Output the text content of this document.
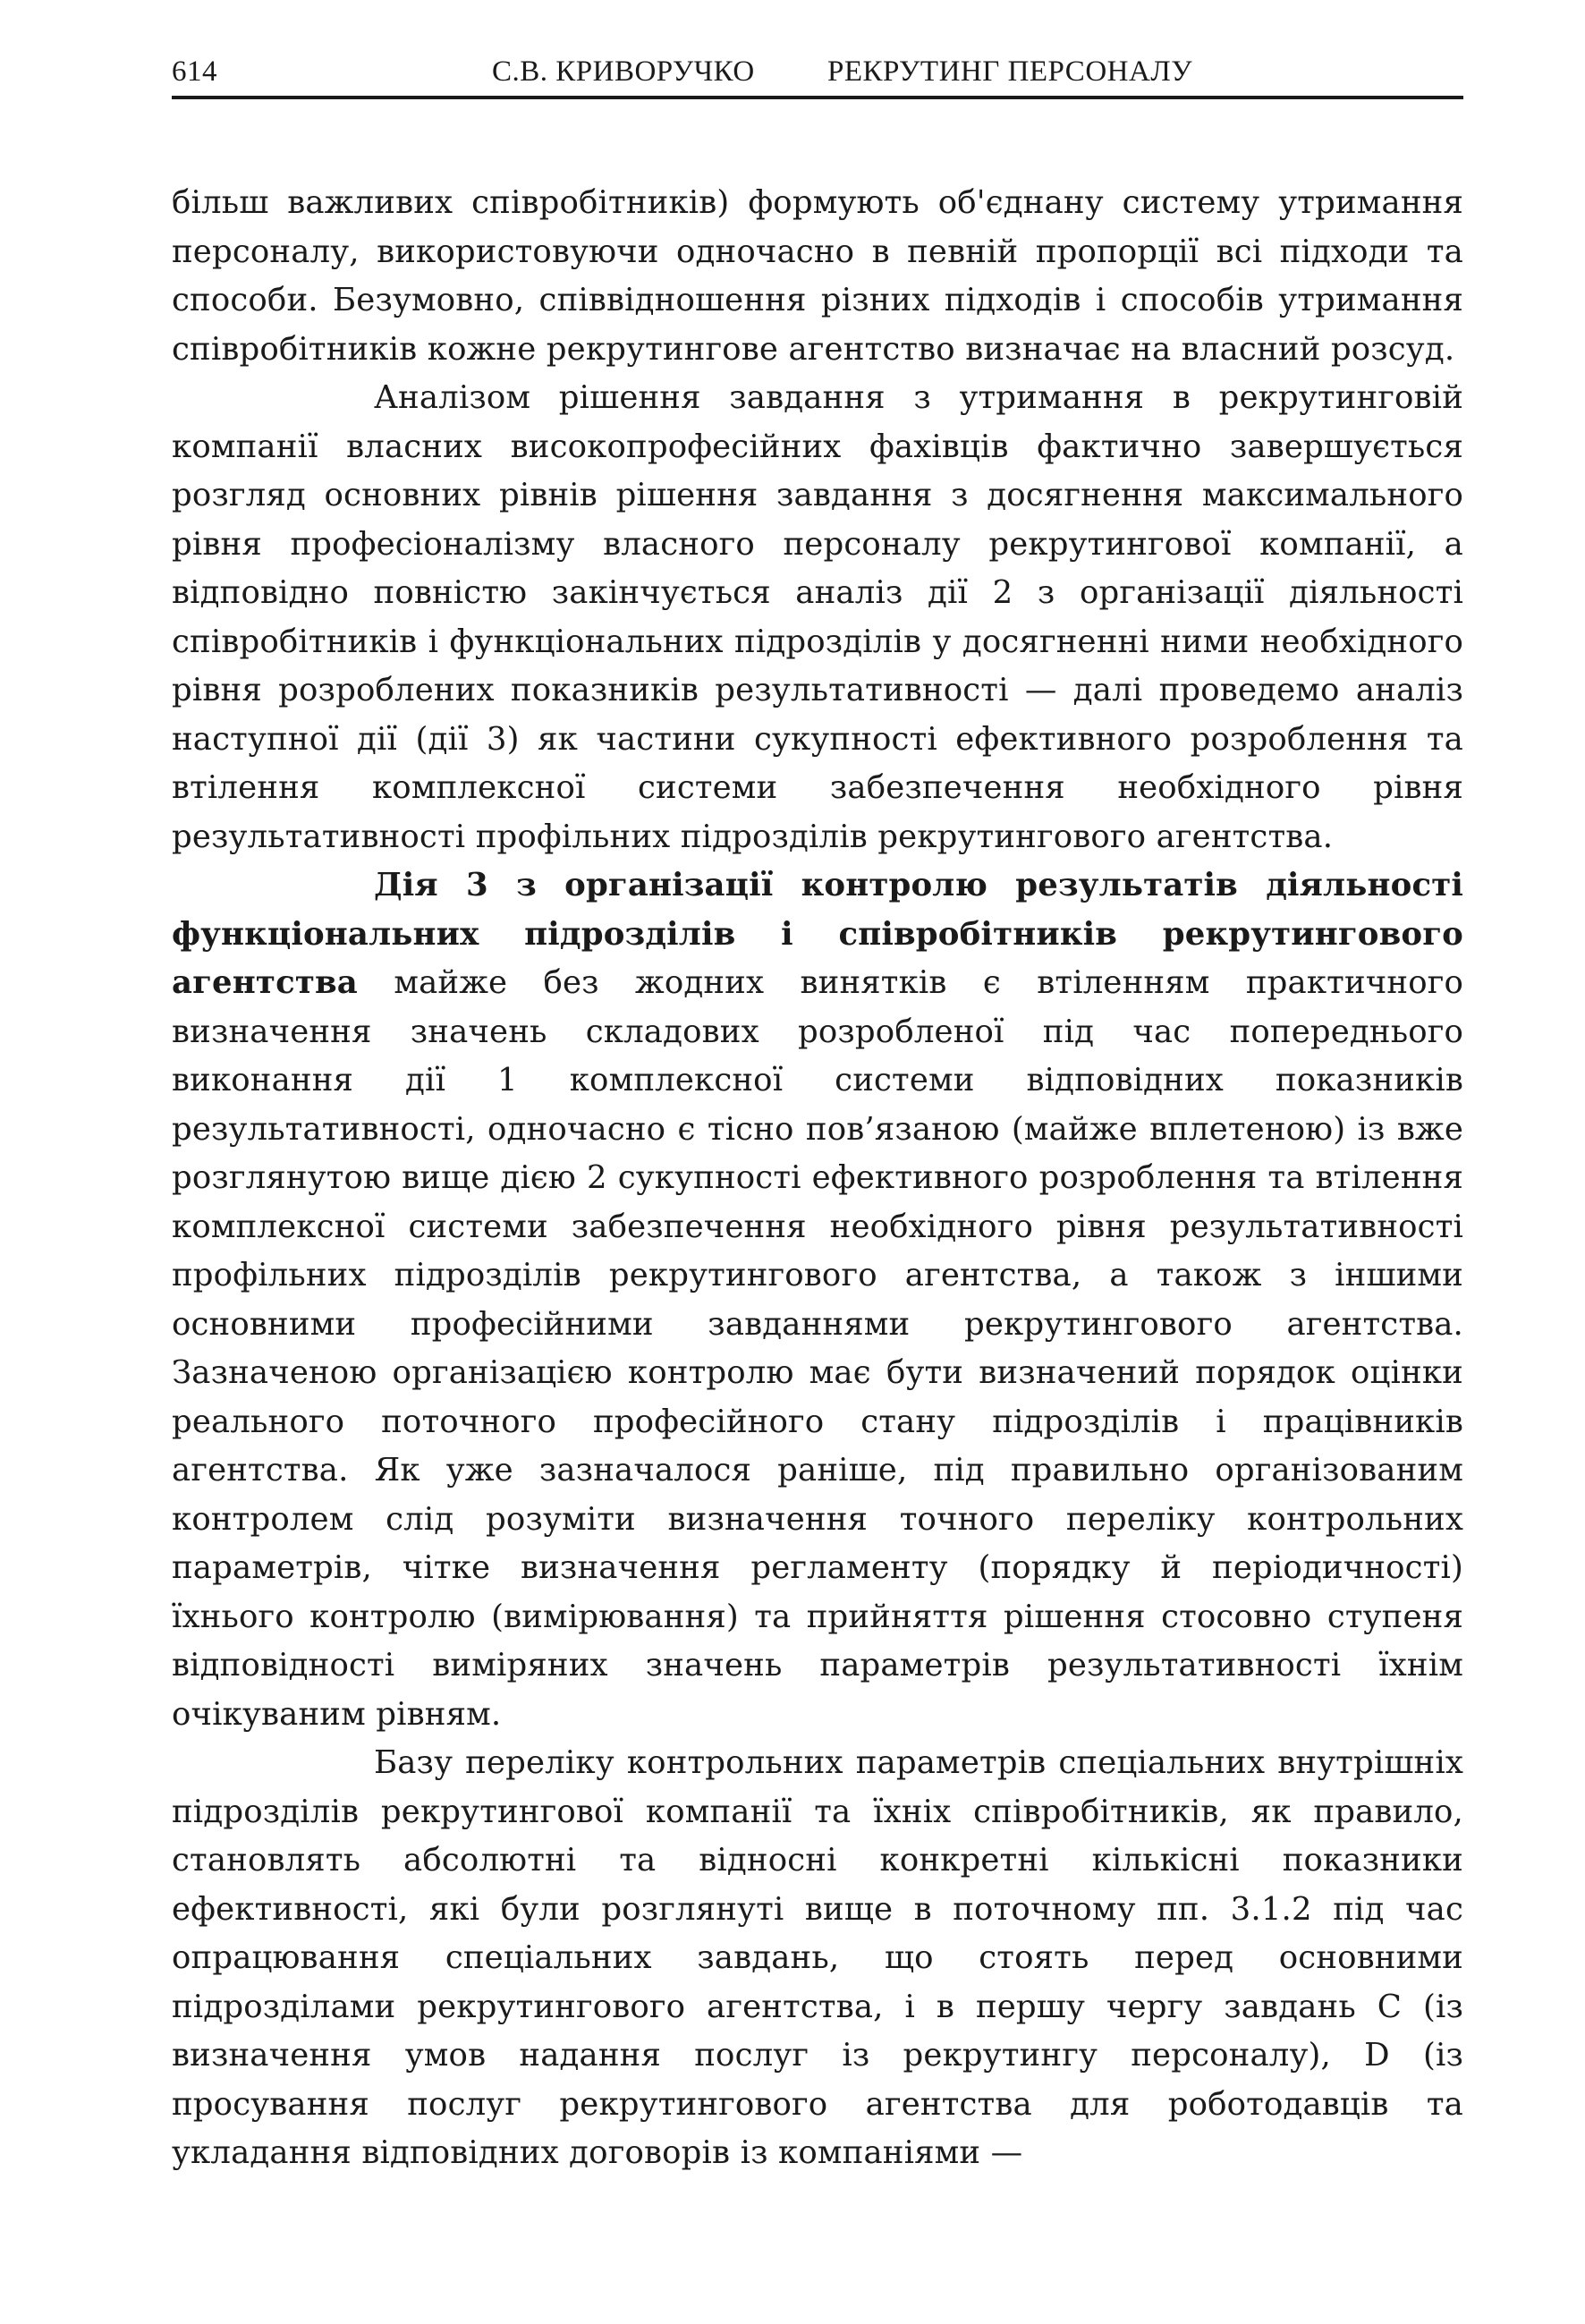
614	С.В. КРИВОРУЧКО РЕКРУТИНГ ПЕРСОНАЛУ

більш важливих співробітників) формують об'єднану систему утримання персоналу, використовуючи одночасно в певній пропорції всі підходи та способи. Безумовно, співвідношення різних підходів і способів утримання співробітників кожне рекрутингове агентство визначає на власний розсуд.

Аналізом рішення завдання з утримання в рекрутинговій компанії власних високопрофесійних фахівців фактично завершується розгляд основних рівнів рішення завдання з досягнення максимального рівня професіоналізму власного персоналу рекрутингової компанії, а відповідно повністю закінчується аналіз дії 2 з організації діяльності співробітників і функціональних підрозділів у досягненні ними необхідного рівня розроблених показників результативності — далі проведемо аналіз наступної дії (дії 3) як частини сукупності ефективного розроблення та втілення комплексної системи забезпечення необхідного рівня результативності профільних підрозділів рекрутингового агентства.

Дія 3 з організації контролю результатів діяльності функціональних підрозділів і співробітників рекрутингового агентства майже без жодних винятків є втіленням практичного визначення значень складових розробленої під час попереднього виконання дії 1 комплексної системи відповідних показників результативності, одночасно є тісно пов’язаною (майже вплетеною) із вже розглянутою вище дією 2 сукупності ефективного розроблення та втілення комплексної системи забезпечення необхідного рівня результативності профільних підрозділів рекрутингового агентства, а також з іншими основними професійними завданнями рекрутингового агентства. Зазначеною організацією контролю має бути визначений порядок оцінки реального поточного професійного стану підрозділів і працівників агентства. Як уже зазначалося раніше, під правильно організованим контролем слід розуміти визначення точного переліку контрольних параметрів, чітке визначення регламенту (порядку й періодичності) їхнього контролю (вимірювання) та прийняття рішення стосовно ступеня відповідності виміряних значень параметрів результативності їхнім очікуваним рівням.

Базу переліку контрольних параметрів спеціальних внутрішніх підрозділів рекрутингової компанії та їхніх співробітників, як правило, становлять абсолютні та відносні конкретні кількісні показники ефективності, які були розглянуті вище в поточному пп. 3.1.2 під час опрацювання спеціальних завдань, що стоять перед основними підрозділами рекрутингового агентства, і в першу чергу завдань С (із визначення умов надання послуг із рекрутингу персоналу), D (із просування послуг рекрутингового агентства для роботодавців та укладання відповідних договорів із компаніями —
